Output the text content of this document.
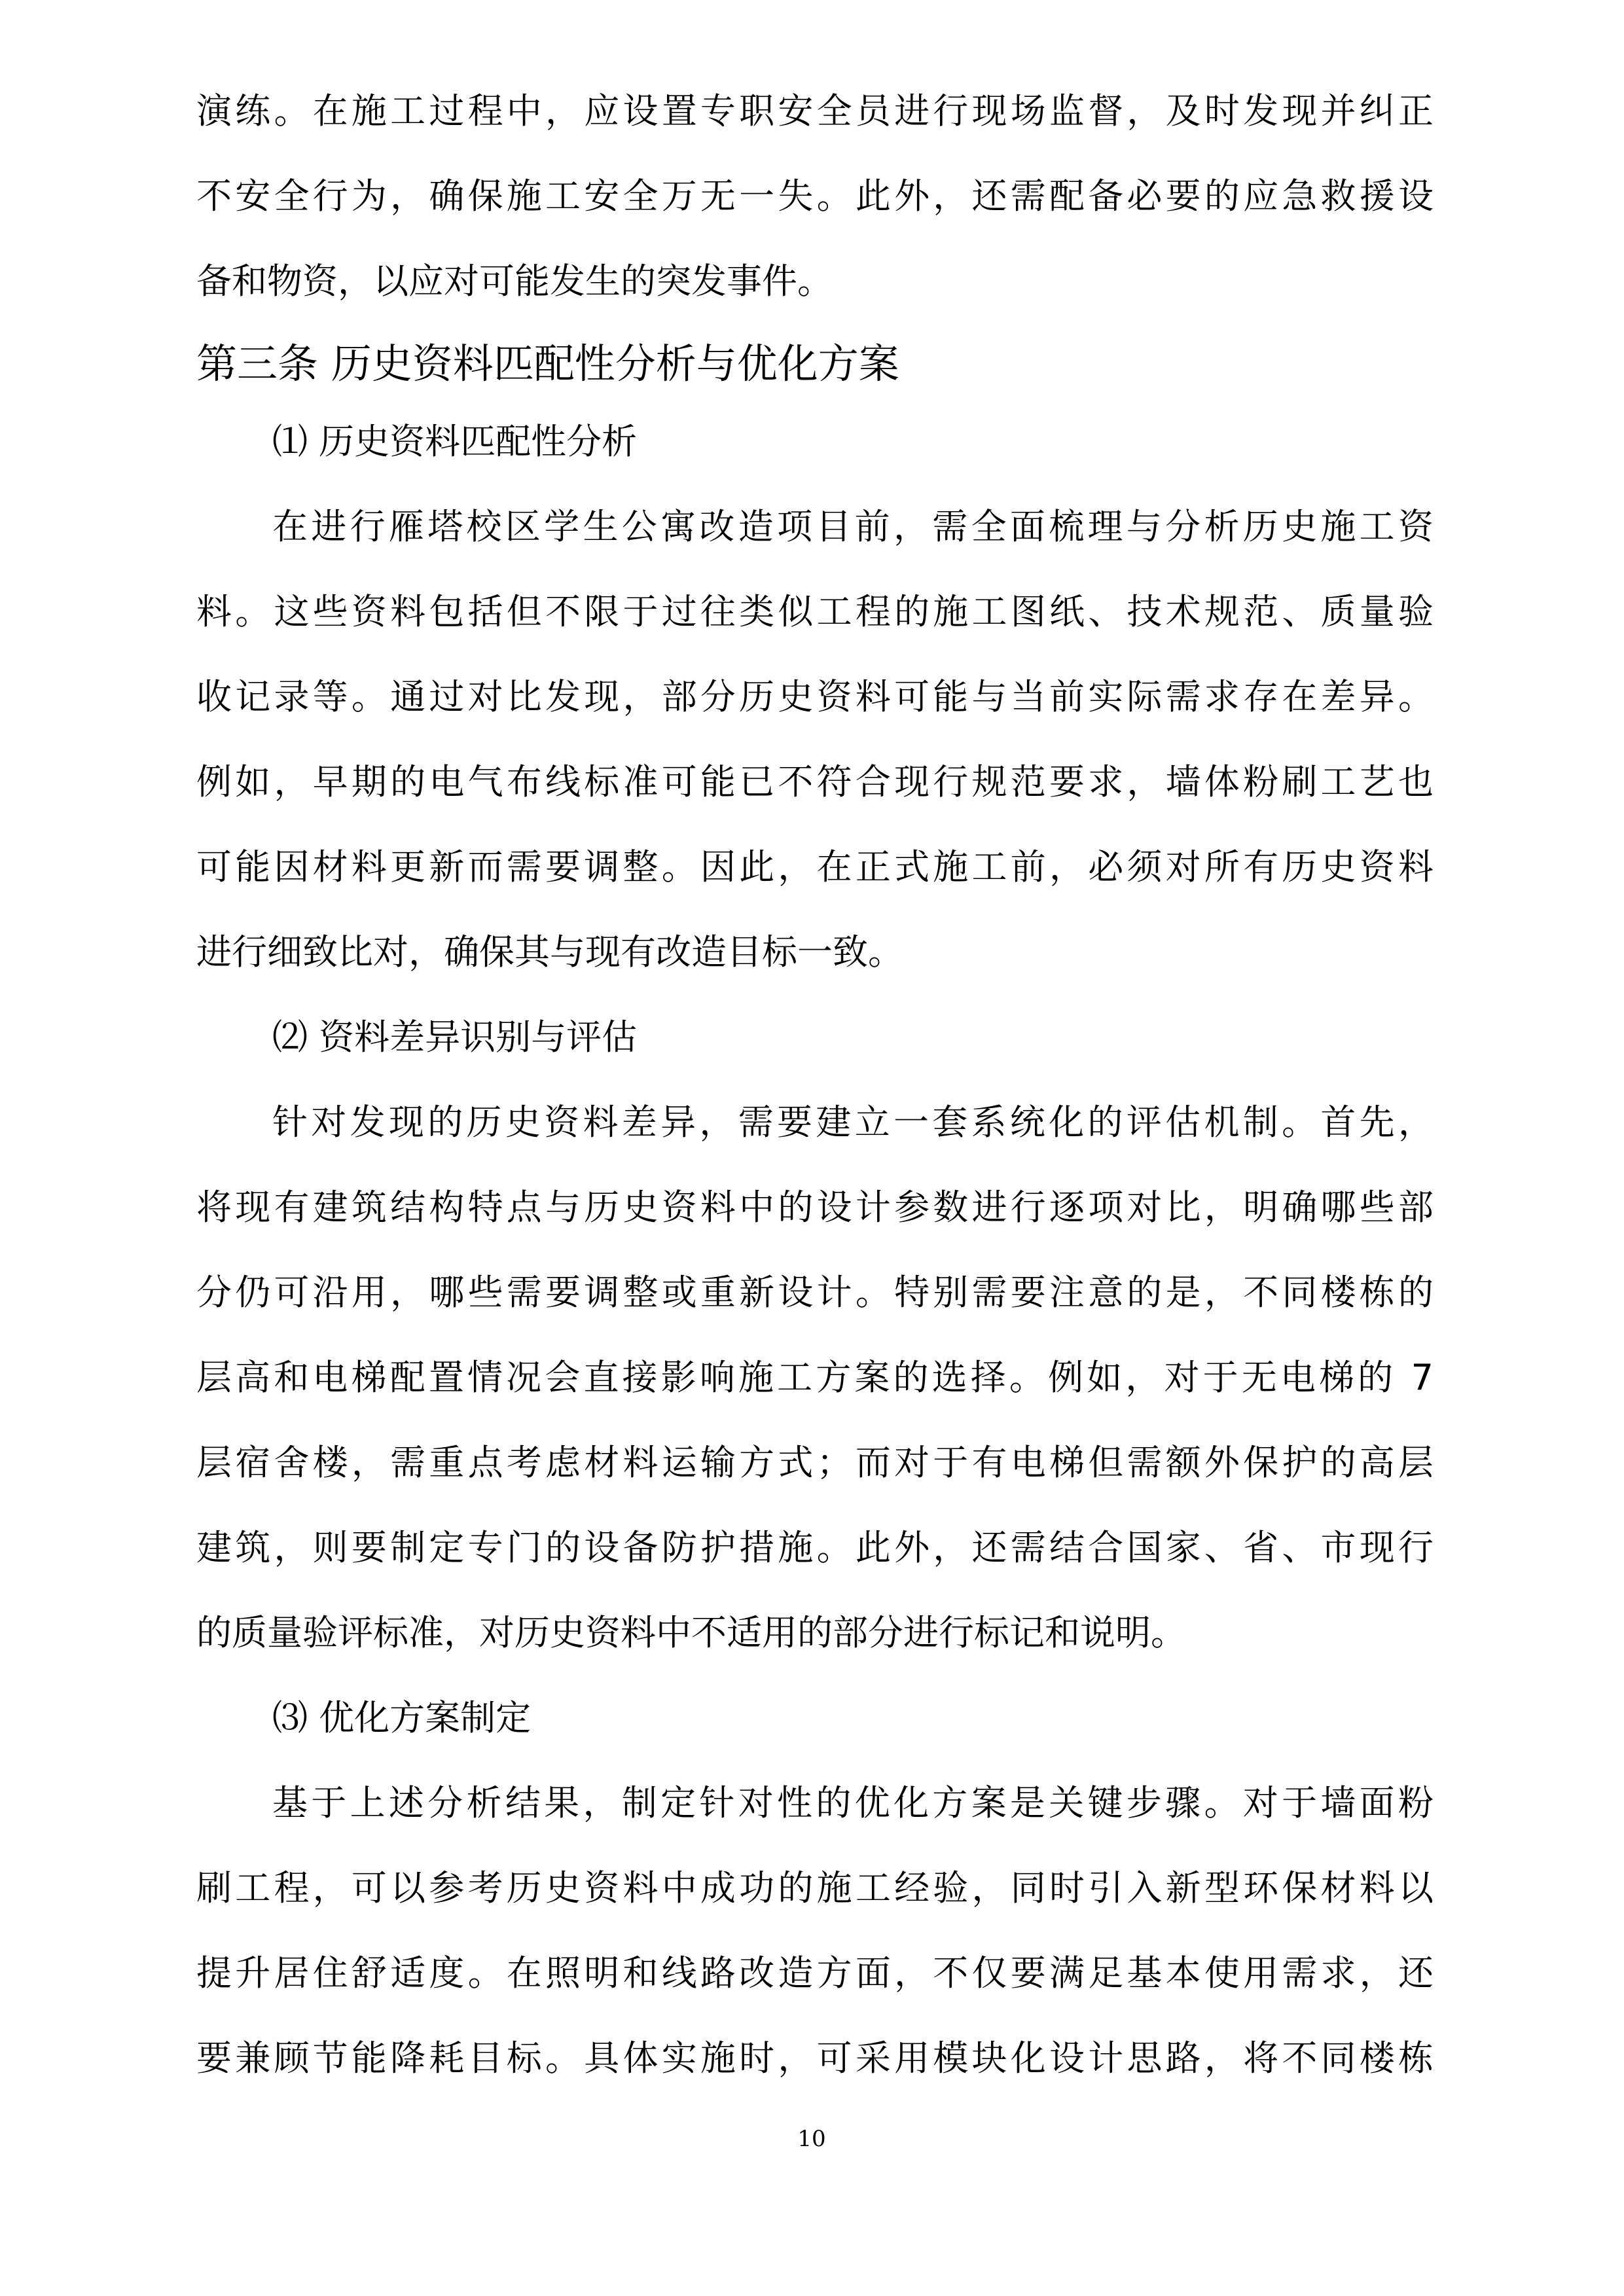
演练。在施工过程中，应设置专职安全员进行现场监督，及时发现并纠正
不安全行为，确保施工安全万无一失。此外，还需配备必要的应急救援设
备和物资，以应对可能发生的突发事件。
第三条 历史资料匹配性分析与优化方案
⑴ 历史资料匹配性分析
在进行雁塔校区学生公寓改造项目前，需全面梳理与分析历史施工资
料。这些资料包括但不限于过往类似工程的施工图纸、技术规范、质量验
收记录等。通过对比发现，部分历史资料可能与当前实际需求存在差异。
例如，早期的电气布线标准可能已不符合现行规范要求，墙体粉刷工艺也
可能因材料更新而需要调整。因此，在正式施工前，必须对所有历史资料
进行细致比对，确保其与现有改造目标一致。
⑵ 资料差异识别与评估
针对发现的历史资料差异，需要建立一套系统化的评估机制。首先，
将现有建筑结构特点与历史资料中的设计参数进行逐项对比，明确哪些部
分仍可沿用，哪些需要调整或重新设计。特别需要注意的是，不同楼栋的
层高和电梯配置情况会直接影响施工方案的选择。例如，对于无电梯的 7
层宿舍楼，需重点考虑材料运输方式；而对于有电梯但需额外保护的高层
建筑，则要制定专门的设备防护措施。此外，还需结合国家、省、市现行
的质量验评标准，对历史资料中不适用的部分进行标记和说明。
⑶ 优化方案制定
基于上述分析结果，制定针对性的优化方案是关键步骤。对于墙面粉
刷工程，可以参考历史资料中成功的施工经验，同时引入新型环保材料以
提升居住舒适度。在照明和线路改造方面，不仅要满足基本使用需求，还
要兼顾节能降耗目标。具体实施时，可采用模块化设计思路，将不同楼栋
10
